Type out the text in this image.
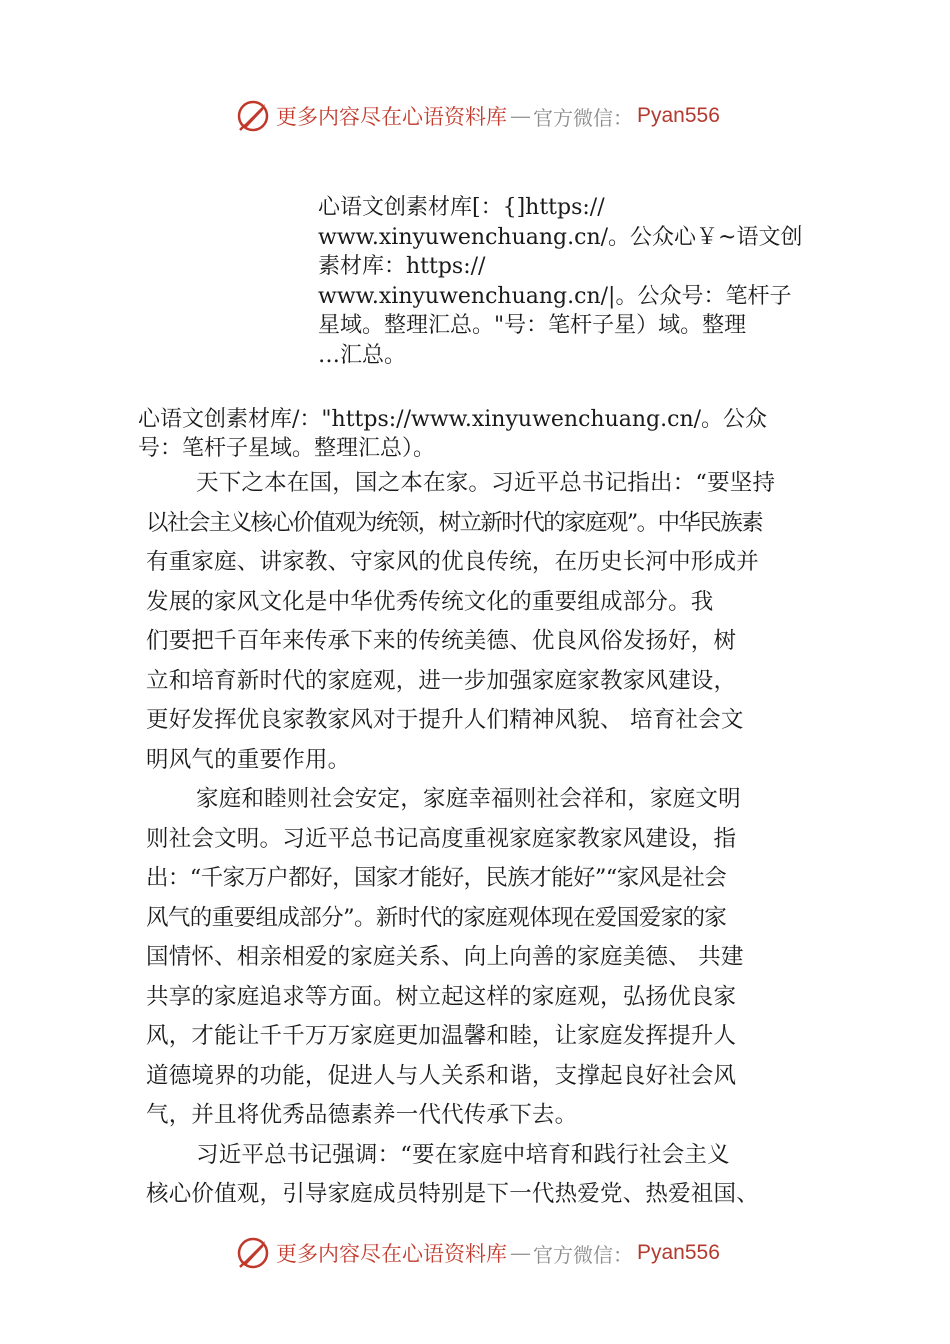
更多内容尽在心语资料库 — 官方微信： Pyan556
心语文创素材库[：{]https://
www.xinyuwenchuang.cn/。公众心￥~语文创
素材库：https://
www.xinyuwenchuang.cn/|。公众号：笔杆子
星域。整理汇总。"号：笔杆子星）域。整理
…汇总。
心语文创素材库/："https://www.xinyuwenchuang.cn/。公众
号：笔杆子星域。整理汇总）。
天下之本在国，国之本在家。习近平总书记指出：“要坚持
以社会主义核心价值观为统领，树立新时代的家庭观”。中华民族素
有重家庭、讲家教、守家风的优良传统，在历史长河中形成并
发展的家风文化是中华优秀传统文化的重要组成部分。我
们要把千百年来传承下来的传统美德、优良风俗发扬好，树
立和培育新时代的家庭观，进一步加强家庭家教家风建设，
更好发挥优良家教家风对于提升人们精神风貌、 培育社会文
明风气的重要作用。
家庭和睦则社会安定，家庭幸福则社会祥和，家庭文明
则社会文明。习近平总书记高度重视家庭家教家风建设，指
出：“千家万户都好，国家才能好，民族才能好”“家风是社会
风气的重要组成部分”。新时代的家庭观体现在爱国爱家的家
国情怀、相亲相爱的家庭关系、向上向善的家庭美德、 共建
共享的家庭追求等方面。树立起这样的家庭观，弘扬优良家
风，才能让千千万万家庭更加温馨和睦，让家庭发挥提升人
道德境界的功能，促进人与人关系和谐，支撑起良好社会风
气，并且将优秀品德素养一代代传承下去。
习近平总书记强调：“要在家庭中培育和践行社会主义
核心价值观，引导家庭成员特别是下一代热爱党、热爱祖国、
更多内容尽在心语资料库 — 官方微信： Pyan556
